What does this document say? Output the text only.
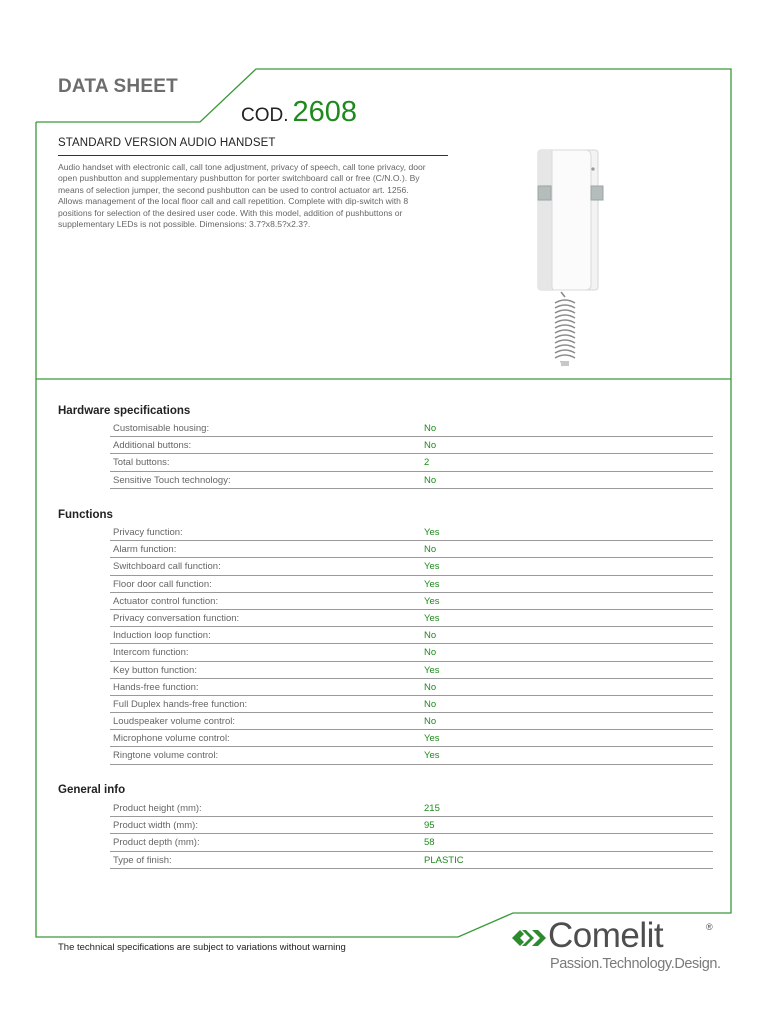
DATA SHEET
COD. 2608
STANDARD VERSION AUDIO HANDSET
Audio handset with electronic call, call tone adjustment, privacy of speech, call tone privacy, door open pushbutton and supplementary pushbutton for porter switchboard call or free (C/N.O.). By means of selection jumper, the second pushbutton can be used to control actuator art. 1256. Allows management of the local floor call and call repetition. Complete with dip-switch with 8 positions for selection of the desired user code. With this model, addition of pushbuttons or supplementary LEDs is not possible. Dimensions: 3.7?x8.5?x2.3?.
Hardware specifications
Customisable housing:	No
Additional buttons:	No
Total buttons:	2
Sensitive Touch technology:	No
Functions
Privacy function:	Yes
Alarm function:	No
Switchboard call function:	Yes
Floor door call function:	Yes
Actuator control function:	Yes
Privacy conversation function:	Yes
Induction loop function:	No
Intercom function:	No
Key button function:	Yes
Hands-free function:	No
Full Duplex hands-free function:	No
Loudspeaker volume control:	No
Microphone volume control:	Yes
Ringtone volume control:	Yes
General info
Product height (mm):	215
Product width (mm):	95
Product depth (mm):	58
Type of finish:	PLASTIC
The technical specifications are subject to variations without warning	Comelit	®
Passion.Technology.Design.
